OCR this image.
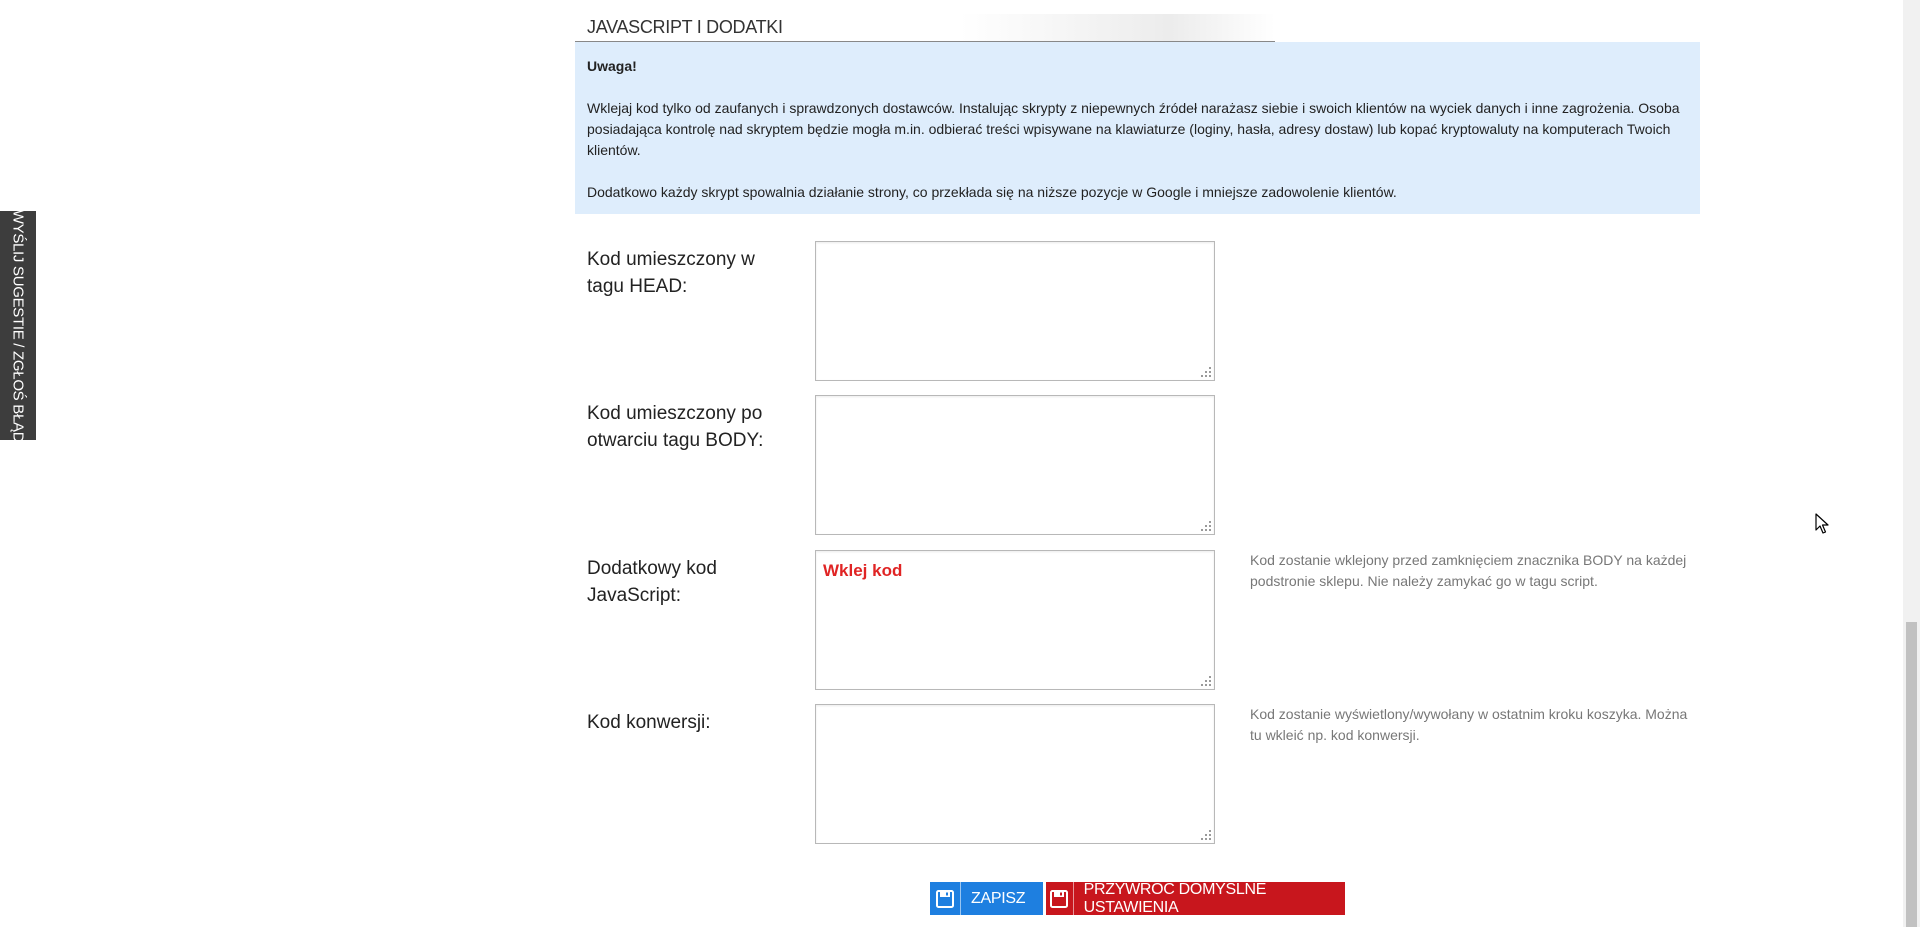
WYŚLIJ SUGESTIE / ZGŁOŚ BŁĄD
JAVASCRIPT I DODATKI

Uwaga!

Wklejaj kod tylko od zaufanych i sprawdzonych dostawców. Instalując skrypty z niepewnych źródeł narażasz siebie i swoich klientów na wyciek danych i inne zagrożenia. Osoba posiadająca kontrolę nad skryptem będzie mogła m.in. odbierać treści wpisywane na klawiaturze (loginy, hasła, adresy dostaw) lub kopać kryptowaluty na komputerach Twoich klientów.

Dodatkowo każdy skrypt spowalnia działanie strony, co przekłada się na niższe pozycje w Google i mniejsze zadowolenie klientów.

Kod umieszczony w tagu HEAD:
Kod umieszczony po otwarciu tagu BODY:
Dodatkowy kod JavaScript:
Wklej kod
Kod zostanie wklejony przed zamknięciem znacznika BODY na każdej podstronie sklepu. Nie należy zamykać go w tagu script.
Kod konwersji:	Kod zostanie wyświetlony/wywołany w ostatnim kroku koszyka. Można tu wkleić np. kod konwersji.
ZAPISZ
PRZYWRÓĆ DOMYŚLNE USTAWIENIA
